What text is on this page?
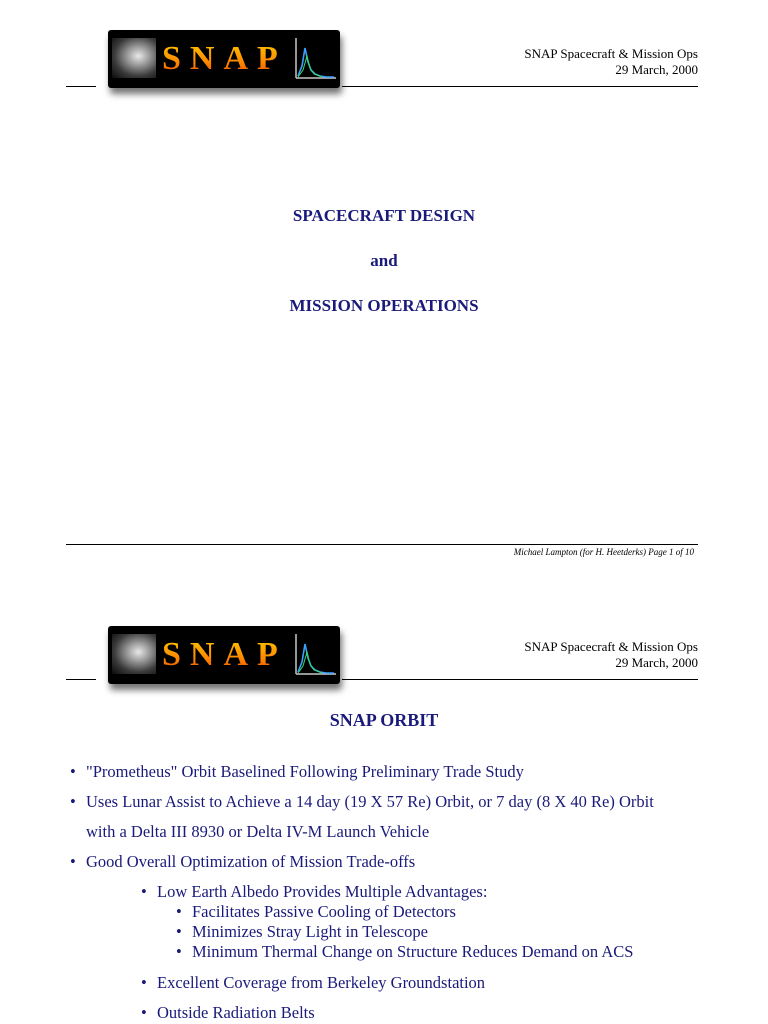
SNAP	SNAP Spacecraft & Mission Ops
29 March, 2000
SPACECRAFT DESIGN
and
MISSION OPERATIONS
Michael Lampton (for H. Heetderks) Page 1 of 10
SNAP	SNAP Spacecraft & Mission Ops
29 March, 2000
SNAP ORBIT
• "Prometheus" Orbit Baselined Following Preliminary Trade Study
• Uses Lunar Assist to Achieve a 14 day (19 X 57 Re) Orbit, or 7 day (8 X 40 Re) Orbit
with a Delta III 8930 or Delta IV-M Launch Vehicle
• Good Overall Optimization of Mission Trade-offs
• Low Earth Albedo Provides Multiple Advantages:
• Facilitates Passive Cooling of Detectors
• Minimizes Stray Light in Telescope
• Minimum Thermal Change on Structure Reduces Demand on ACS
• Excellent Coverage from Berkeley Groundstation
• Outside Radiation Belts
